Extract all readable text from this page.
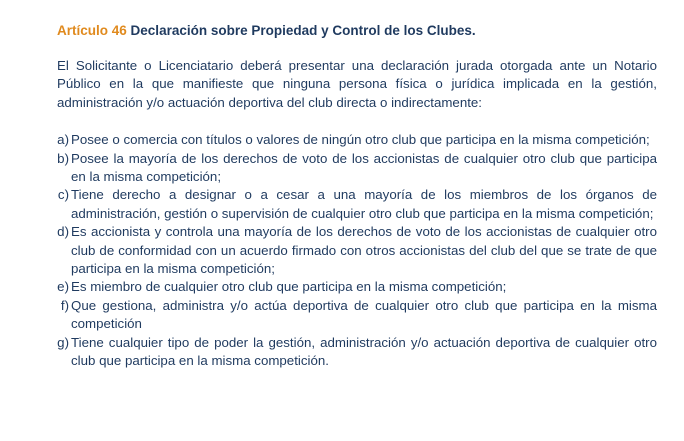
Artículo 46 Declaración sobre Propiedad y Control de los Clubes.

El Solicitante o Licenciatario deberá presentar una declaración jurada otorgada ante un Notario Público en la que manifieste que ninguna persona física o jurídica implicada en la gestión, administración y/o actuación deportiva del club directa o indirectamente:

a) Posee o comercia con títulos o valores de ningún otro club que participa en la misma competición;
b) Posee la mayoría de los derechos de voto de los accionistas de cualquier otro club que participa en la misma competición;
c) Tiene derecho a designar o a cesar a una mayoría de los miembros de los órganos de administración, gestión o supervisión de cualquier otro club que participa en la misma competición;
d) Es accionista y controla una mayoría de los derechos de voto de los accionistas de cualquier otro club de conformidad con un acuerdo firmado con otros accionistas del club del que se trate de que participa en la misma competición;
e) Es miembro de cualquier otro club que participa en la misma competición;
f) Que gestiona, administra y/o actúa deportiva de cualquier otro club que participa en la misma competición
g) Tiene cualquier tipo de poder la gestión, administración y/o actuación deportiva de cualquier otro club que participa en la misma competición.
